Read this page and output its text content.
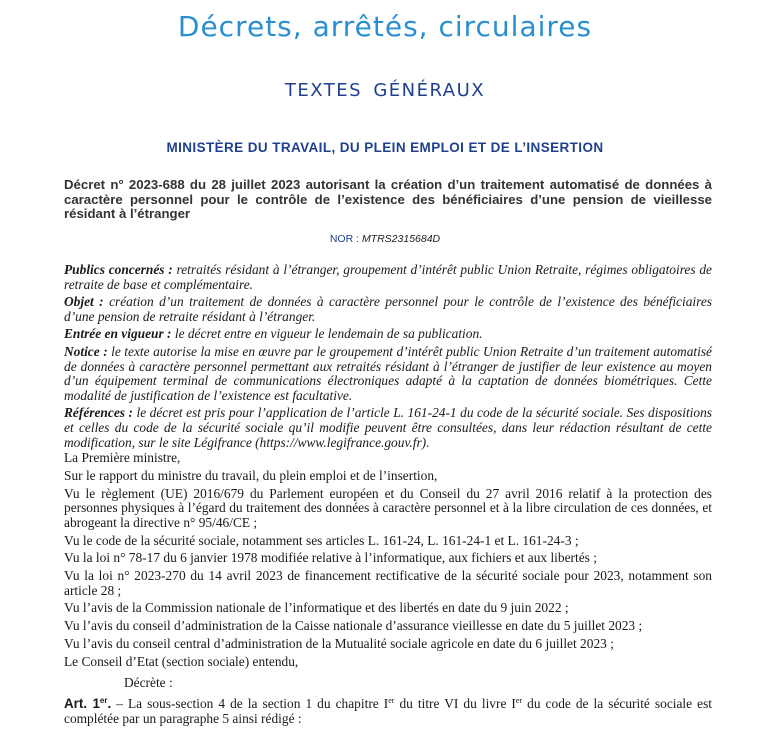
Décrets, arrêtés, circulaires
TEXTES GÉNÉRAUX
MINISTÈRE DU TRAVAIL, DU PLEIN EMPLOI ET DE L’INSERTION
Décret n° 2023-688 du 28 juillet 2023 autorisant la création d’un traitement automatisé de données à caractère personnel pour le contrôle de l’existence des bénéficiaires d’une pension de vieillesse résidant à l’étranger
NOR : MTRS2315684D

Publics concernés : retraités résidant à l’étranger, groupement d’intérêt public Union Retraite, régimes obligatoires de retraite de base et complémentaire.

Objet : création d’un traitement de données à caractère personnel pour le contrôle de l’existence des bénéficiaires d’une pension de retraite résidant à l’étranger.

Entrée en vigueur : le décret entre en vigueur le lendemain de sa publication.

Notice : le texte autorise la mise en œuvre par le groupement d’intérêt public Union Retraite d’un traitement automatisé de données à caractère personnel permettant aux retraités résidant à l’étranger de justifier de leur existence au moyen d’un équipement terminal de communications électroniques adapté à la captation de données biométriques. Cette modalité de justification de l’existence est facultative.

Références : le décret est pris pour l’application de l’article L. 161-24-1 du code de la sécurité sociale. Ses dispositions et celles du code de la sécurité sociale qu’il modifie peuvent être consultées, dans leur rédaction résultant de cette modification, sur le site Légifrance (https://www.legifrance.gouv.fr).

La Première ministre,

Sur le rapport du ministre du travail, du plein emploi et de l’insertion,

Vu le règlement (UE) 2016/679 du Parlement européen et du Conseil du 27 avril 2016 relatif à la protection des personnes physiques à l’égard du traitement des données à caractère personnel et à la libre circulation de ces données, et abrogeant la directive n° 95/46/CE ;

Vu le code de la sécurité sociale, notamment ses articles L. 161-24, L. 161-24-1 et L. 161-24-3 ;

Vu la loi n° 78-17 du 6 janvier 1978 modifiée relative à l’informatique, aux fichiers et aux libertés ;

Vu la loi n° 2023-270 du 14 avril 2023 de financement rectificative de la sécurité sociale pour 2023, notamment son article 28 ;

Vu l’avis de la Commission nationale de l’informatique et des libertés en date du 9 juin 2022 ;

Vu l’avis du conseil d’administration de la Caisse nationale d’assurance vieillesse en date du 5 juillet 2023 ;

Vu l’avis du conseil central d’administration de la Mutualité sociale agricole en date du 6 juillet 2023 ;

Le Conseil d’Etat (section sociale) entendu,

Décrète :
Art. 1er. – La sous-section 4 de la section 1 du chapitre Ier du titre VI du livre Ier du code de la sécurité sociale est complétée par un paragraphe 5 ainsi rédigé :
